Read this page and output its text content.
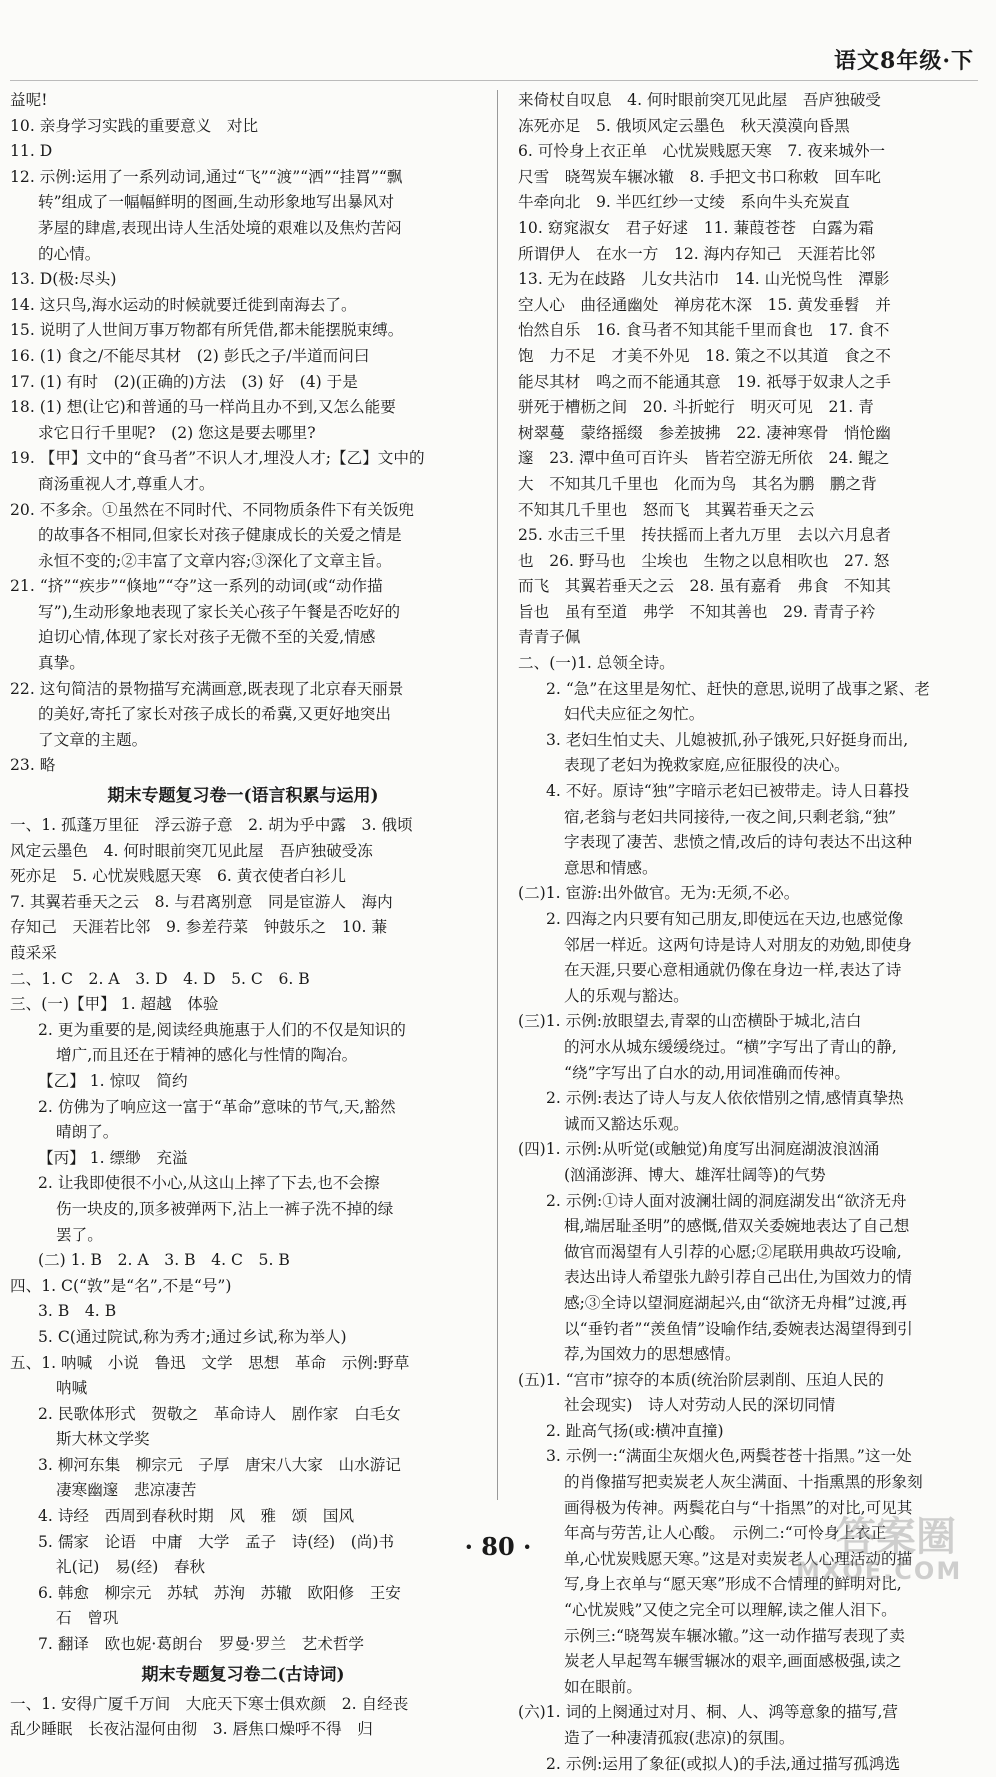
语文8年级·下
益呢!
10. 亲身学习实践的重要意义　对比
11. D
12. 示例:运用了一系列动词,通过“飞”“渡”“洒”“挂罥”“飘
转”组成了一幅幅鲜明的图画,生动形象地写出暴风对
茅屋的肆虐,表现出诗人生活处境的艰难以及焦灼苦闷
的心情。
13. D(极:尽头)
14. 这只鸟,海水运动的时候就要迁徙到南海去了。
15. 说明了人世间万事万物都有所凭借,都未能摆脱束缚。
16. (1) 食之/不能尽其材　(2) 彭氏之子/半道而问曰
17. (1) 有时　(2)(正确的)方法　(3) 好　(4) 于是
18. (1) 想(让它)和普通的马一样尚且办不到,又怎么能要
求它日行千里呢?　(2) 您这是要去哪里?
19. 【甲】文中的“食马者”不识人才,埋没人才;【乙】文中的
商汤重视人才,尊重人才。
20. 不多余。①虽然在不同时代、不同物质条件下有关饭兜
的故事各不相同,但家长对孩子健康成长的关爱之情是
永恒不变的;②丰富了文章内容;③深化了文章主旨。
21. “挤”“疾步”“倏地”“夺”这一系列的动词(或“动作描
写”),生动形象地表现了家长关心孩子午餐是否吃好的
迫切心情,体现了家长对孩子无微不至的关爱,情感
真挚。
22. 这句简洁的景物描写充满画意,既表现了北京春天丽景
的美好,寄托了家长对孩子成长的希冀,又更好地突出
了文章的主题。
23. 略
期末专题复习卷一(语言积累与运用)
一、1. 孤蓬万里征　浮云游子意　2. 胡为乎中露　3. 俄顷
风定云墨色　4. 何时眼前突兀见此屋　吾庐独破受冻
死亦足　5. 心忧炭贱愿天寒　6. 黄衣使者白衫儿
7. 其翼若垂天之云　8. 与君离别意　同是宦游人　海内
存知己　天涯若比邻　9. 参差荇菜　钟鼓乐之　10. 蒹
葭采采
二、1. C　2. A　3. D　4. D　5. C　6. B
三、(一)【甲】 1. 超越　体验
2. 更为重要的是,阅读经典施惠于人们的不仅是知识的
增广,而且还在于精神的感化与性情的陶冶。
【乙】 1. 惊叹　简约
2. 仿佛为了响应这一富于“革命”意味的节气,天,豁然
晴朗了。
【丙】 1. 缥缈　充溢
2. 让我即使很不小心,从这山上摔了下去,也不会擦
伤一块皮的,顶多被弹两下,沾上一裤子洗不掉的绿
罢了。
(二) 1. B　2. A　3. B　4. C　5. B
四、1. C(“敦”是“名”,不是“号”)
3. B　4. B
5. C(通过院试,称为秀才;通过乡试,称为举人)
五、1. 呐喊　小说　鲁迅　文学　思想　革命　示例:野草
呐喊
2. 民歌体形式　贺敬之　革命诗人　剧作家　白毛女
斯大林文学奖
3. 柳河东集　柳宗元　子厚　唐宋八大家　山水游记
凄寒幽邃　悲凉凄苦
4. 诗经　西周到春秋时期　风　雅　颂　国风
5. 儒家　论语　中庸　大学　孟子　诗(经)　(尚)书
礼(记)　易(经)　春秋
6. 韩愈　柳宗元　苏轼　苏洵　苏辙　欧阳修　王安
石　曾巩
7. 翻译　欧也妮·葛朗台　罗曼·罗兰　艺术哲学
期末专题复习卷二(古诗词)
一、1. 安得广厦千万间　大庇天下寒士俱欢颜　2. 自经丧
乱少睡眠　长夜沾湿何由彻　3. 唇焦口燥呼不得　归
来倚杖自叹息　4. 何时眼前突兀见此屋　吾庐独破受
冻死亦足　5. 俄顷风定云墨色　秋天漠漠向昏黑
6. 可怜身上衣正单　心忧炭贱愿天寒　7. 夜来城外一
尺雪　晓驾炭车辗冰辙　8. 手把文书口称敕　回车叱
牛牵向北　9. 半匹红纱一丈绫　系向牛头充炭直
10. 窈窕淑女　君子好逑　11. 蒹葭苍苍　白露为霜
所谓伊人　在水一方　12. 海内存知己　天涯若比邻
13. 无为在歧路　儿女共沾巾　14. 山光悦鸟性　潭影
空人心　曲径通幽处　禅房花木深　15. 黄发垂髫　并
怡然自乐　16. 食马者不知其能千里而食也　17. 食不
饱　力不足　才美不外见　18. 策之不以其道　食之不
能尽其材　鸣之而不能通其意　19. 祇辱于奴隶人之手
骈死于槽枥之间　20. 斗折蛇行　明灭可见　21. 青
树翠蔓　蒙络摇缀　参差披拂　22. 凄神寒骨　悄怆幽
邃　23. 潭中鱼可百许头　皆若空游无所依　24. 鲲之
大　不知其几千里也　化而为鸟　其名为鹏　鹏之背
不知其几千里也　怒而飞　其翼若垂天之云
25. 水击三千里　抟扶摇而上者九万里　去以六月息者
也　26. 野马也　尘埃也　生物之以息相吹也　27. 怒
而飞　其翼若垂天之云　28. 虽有嘉肴　弗食　不知其
旨也　虽有至道　弗学　不知其善也　29. 青青子衿
青青子佩
二、(一)1. 总领全诗。
2. “急”在这里是匆忙、赶快的意思,说明了战事之紧、老
妇代夫应征之匆忙。
3. 老妇生怕丈夫、儿媳被抓,孙子饿死,只好挺身而出,
表现了老妇为挽救家庭,应征服役的决心。
4. 不好。原诗“独”字暗示老妇已被带走。诗人日暮投
宿,老翁与老妇共同接待,一夜之间,只剩老翁,“独”
字表现了凄苦、悲愤之情,改后的诗句表达不出这种
意思和情感。
(二)1. 宦游:出外做官。无为:无须,不必。
2. 四海之内只要有知己朋友,即使远在天边,也感觉像
邻居一样近。这两句诗是诗人对朋友的劝勉,即使身
在天涯,只要心意相通就仍像在身边一样,表达了诗
人的乐观与豁达。
(三)1. 示例:放眼望去,青翠的山峦横卧于城北,洁白
的河水从城东缓缓绕过。“横”字写出了青山的静,
“绕”字写出了白水的动,用词准确而传神。
2. 示例:表达了诗人与友人依依惜别之情,感情真挚热
诚而又豁达乐观。
(四)1. 示例:从听觉(或触觉)角度写出洞庭湖波浪汹涌
(汹涌澎湃、博大、雄浑壮阔等)的气势
2. 示例:①诗人面对波澜壮阔的洞庭湖发出“欲济无舟
楫,端居耻圣明”的感慨,借双关委婉地表达了自己想
做官而渴望有人引荐的心愿;②尾联用典故巧设喻,
表达出诗人希望张九龄引荐自己出仕,为国效力的情
感;③全诗以望洞庭湖起兴,由“欲济无舟楫”过渡,再
以“垂钓者”“羡鱼情”设喻作结,委婉表达渴望得到引
荐,为国效力的思想感情。
(五)1. “宫市”掠夺的本质(统治阶层剥削、压迫人民的
社会现实)　诗人对劳动人民的深切同情
2. 趾高气扬(或:横冲直撞)
3. 示例一:“满面尘灰烟火色,两鬓苍苍十指黑。”这一处
的肖像描写把卖炭老人灰尘满面、十指熏黑的形象刻
画得极为传神。两鬓花白与“十指黑”的对比,可见其
年高与劳苦,让人心酸。　示例二:“可怜身上衣正
单,心忧炭贱愿天寒。”这是对卖炭老人心理活动的描
写,身上衣单与“愿天寒”形成不合情理的鲜明对比,
“心忧炭贱”又使之完全可以理解,读之催人泪下。
示例三:“晓驾炭车辗冰辙。”这一动作描写表现了卖
炭老人早起驾车辗雪辗冰的艰辛,画面感极强,读之
如在眼前。
(六)1. 词的上阕通过对月、桐、人、鸿等意象的描写,营
造了一种凄清孤寂(悲凉)的氛围。
2. 示例:运用了象征(或拟人)的手法,通过描写孤鸿选
· 80 ·	答案圈
MXQE.COM
